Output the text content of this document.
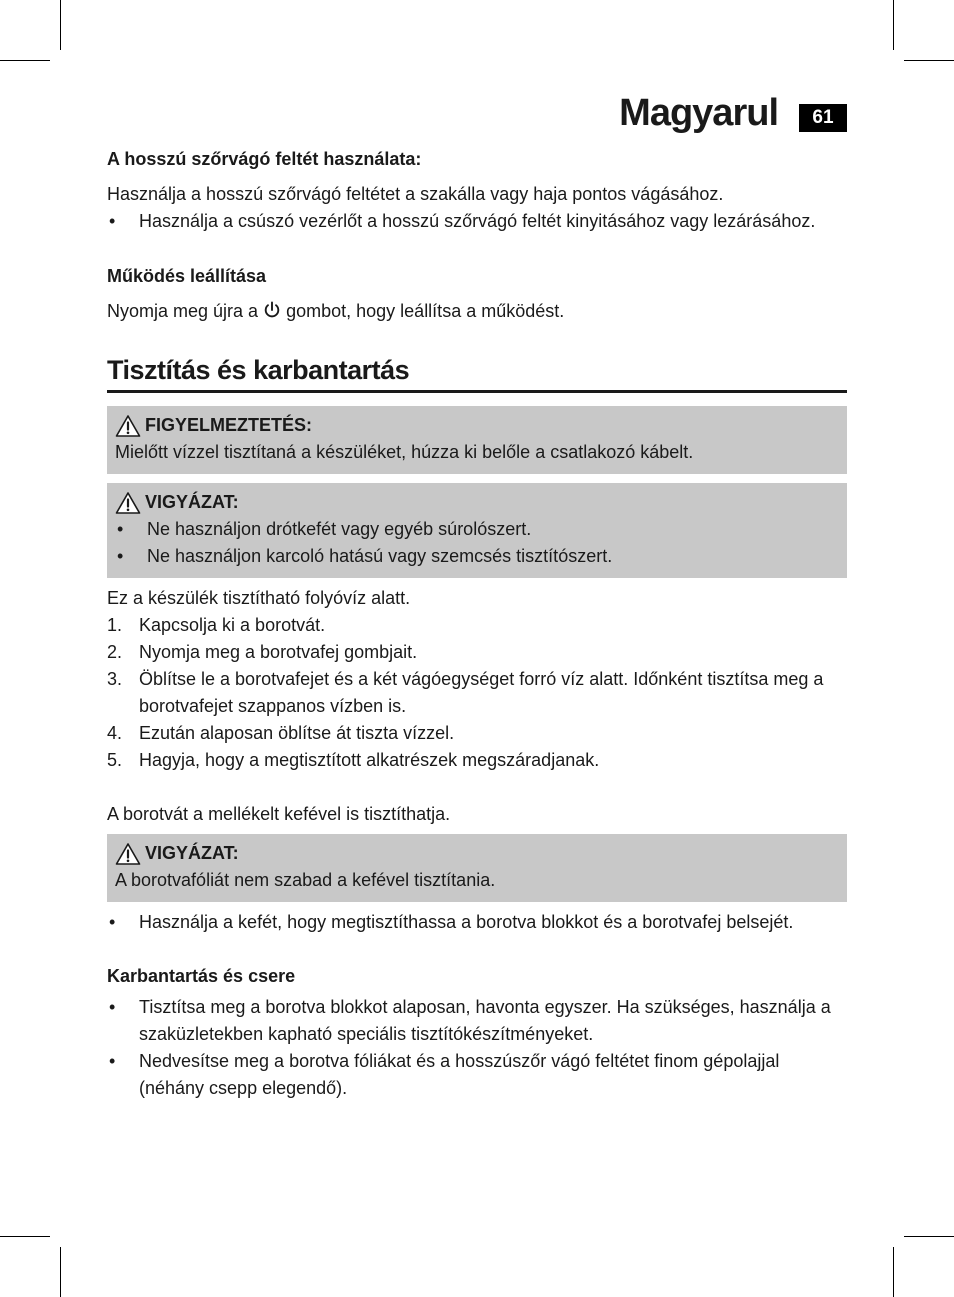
Magyarul	61

A hosszú szőrvágó feltét használata:

Használja a hosszú szőrvágó feltétet a szakálla vagy haja pontos vágásához.

• Használja a csúszó vezérlőt a hosszú szőrvágó feltét kinyitásához vagy lezárásához.

Működés leállítása

Nyomja meg újra a gombot, hogy leállítsa a működést.

Tisztítás és karbantartás

FIGYELMEZTETÉS:

Mielőtt vízzel tisztítaná a készüléket, húzza ki belőle a csatlakozó kábelt.

VIGYÁZAT:
• Ne használjon drótkefét vagy egyéb súrolószert.
• Ne használjon karcoló hatású vagy szemcsés tisztítószert.

Ez a készülék tisztítható folyóvíz alatt.

1. Kapcsolja ki a borotvát.
2. Nyomja meg a borotvafej gombjait.
3. Öblítse le a borotvafejet és a két vágóegységet forró víz alatt. Időnként tisztítsa meg a borotvafejet szappanos vízben is.
4. Ezután alaposan öblítse át tiszta vízzel.
5. Hagyja, hogy a megtisztított alkatrészek megszáradjanak.

A borotvát a mellékelt kefével is tisztíthatja.

VIGYÁZAT:

A borotvafóliát nem szabad a kefével tisztítania.

• Használja a kefét, hogy megtisztíthassa a borotva blokkot és a borotvafej belsejét.

Karbantartás és csere

• Tisztítsa meg a borotva blokkot alaposan, havonta egyszer. Ha szükséges, használja a szaküzletekben kapható speciális tisztítókészítményeket.
• Nedvesítse meg a borotva fóliákat és a hosszúszőr vágó feltétet finom gépolajjal (néhány csepp elegendő).
